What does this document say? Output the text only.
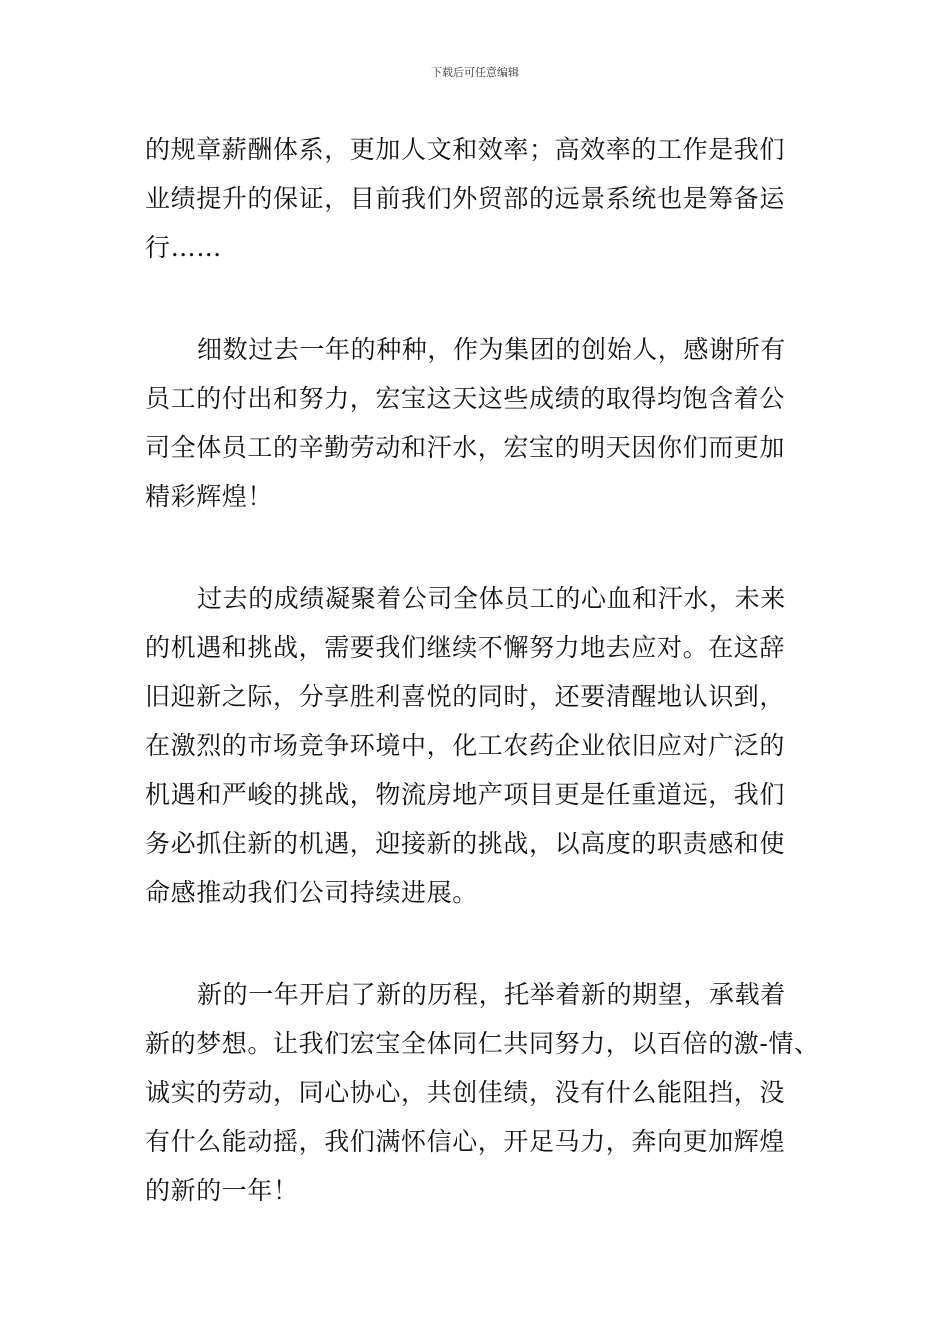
下载后可任意编辑
的规章薪酬体系，更加人文和效率；高效率的工作是我们
业绩提升的保证，目前我们外贸部的远景系统也是筹备运
行……
细数过去一年的种种，作为集团的创始人，感谢所有
员工的付出和努力，宏宝这天这些成绩的取得均饱含着公
司全体员工的辛勤劳动和汗水，宏宝的明天因你们而更加
精彩辉煌！
过去的成绩凝聚着公司全体员工的心血和汗水，未来
的机遇和挑战，需要我们继续不懈努力地去应对。在这辞
旧迎新之际，分享胜利喜悦的同时，还要清醒地认识到，
在激烈的市场竞争环境中，化工农药企业依旧应对广泛的
机遇和严峻的挑战，物流房地产项目更是任重道远，我们
务必抓住新的机遇，迎接新的挑战，以高度的职责感和使
命感推动我们公司持续进展。
新的一年开启了新的历程，托举着新的期望，承载着
新的梦想。让我们宏宝全体同仁共同努力，以百倍的激-情、
诚实的劳动，同心协心，共创佳绩，没有什么能阻挡，没
有什么能动摇，我们满怀信心，开足马力，奔向更加辉煌
的新的一年！
